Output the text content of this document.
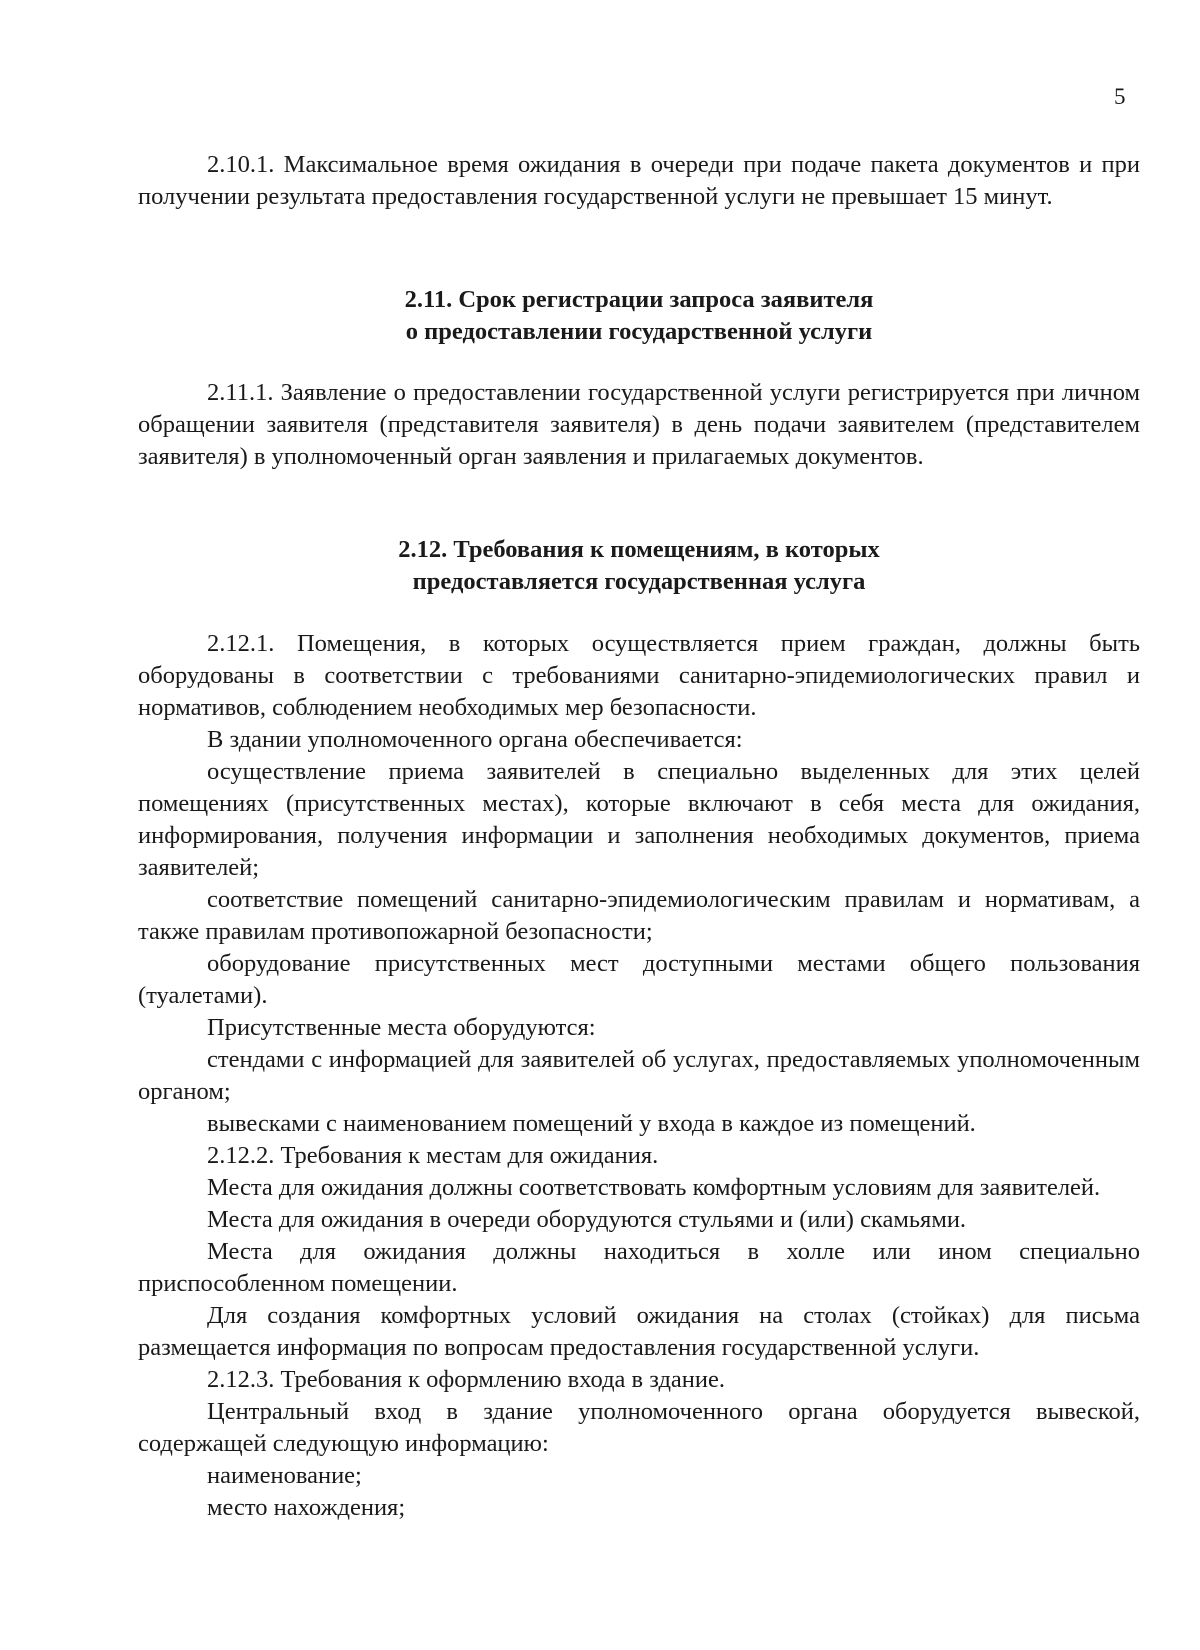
5

2.10.1. Максимальное время ожидания в очереди при подаче пакета документов и при получении результата предоставления государственной услуги не превышает 15 минут.

2.11. Срок регистрации запроса заявителя
о предоставлении государственной услуги

2.11.1. Заявление о предоставлении государственной услуги регистрируется при личном обращении заявителя (представителя заявителя) в день подачи заявителем (представителем заявителя) в уполномоченный орган заявления и прилагаемых документов.

2.12. Требования к помещениям, в которых
предоставляется государственная услуга

2.12.1. Помещения, в которых осуществляется прием граждан, должны быть оборудованы в соответствии с требованиями санитарно-эпидемиологических правил и нормативов, соблюдением необходимых мер безопасности.

В здании уполномоченного органа обеспечивается:

осуществление приема заявителей в специально выделенных для этих целей помещениях (присутственных местах), которые включают в себя места для ожидания, информирования, получения информации и заполнения необходимых документов, приема заявителей;

соответствие помещений санитарно-эпидемиологическим правилам и нормативам, а также правилам противопожарной безопасности;

оборудование присутственных мест доступными местами общего пользования (туалетами).

Присутственные места оборудуются:

стендами с информацией для заявителей об услугах, предоставляемых уполномоченным органом;

вывесками с наименованием помещений у входа в каждое из помещений.

2.12.2. Требования к местам для ожидания.

Места для ожидания должны соответствовать комфортным условиям для заявителей.

Места для ожидания в очереди оборудуются стульями и (или) скамьями.

Места для ожидания должны находиться в холле или ином специально приспособленном помещении.

Для создания комфортных условий ожидания на столах (стойках) для письма размещается информация по вопросам предоставления государственной услуги.

2.12.3. Требования к оформлению входа в здание.

Центральный вход в здание уполномоченного органа оборудуется вывеской, содержащей следующую информацию:

наименование;

место нахождения;
